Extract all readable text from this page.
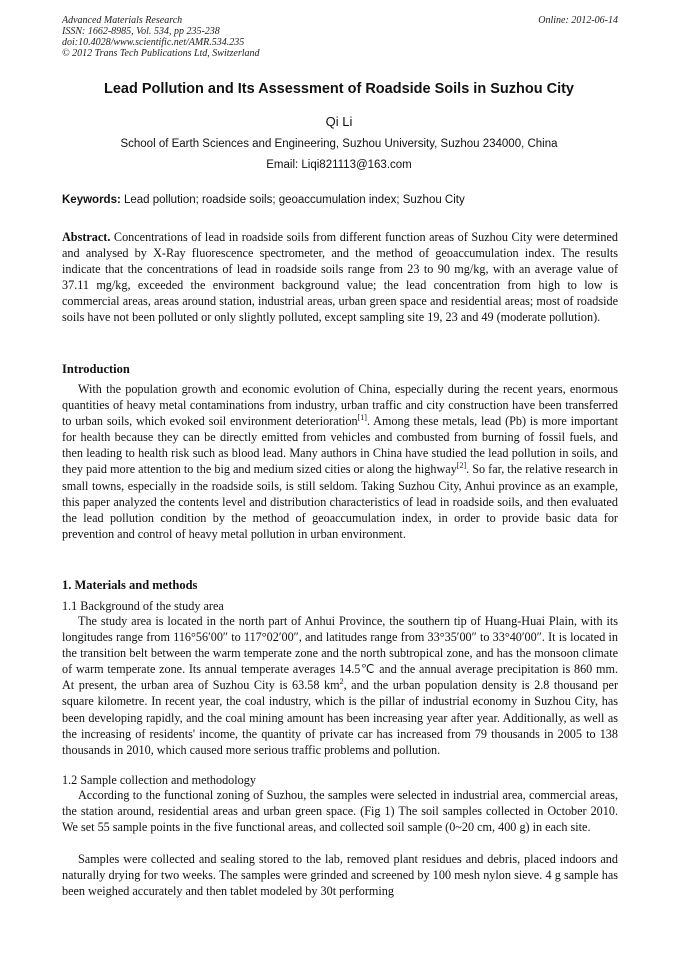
Advanced Materials Research
ISSN: 1662-8985, Vol. 534, pp 235-238
doi:10.4028/www.scientific.net/AMR.534.235
© 2012 Trans Tech Publications Ltd, Switzerland
Online: 2012-06-14
Lead Pollution and Its Assessment of Roadside Soils in Suzhou City
Qi Li
School of Earth Sciences and Engineering, Suzhou University, Suzhou 234000, China
Email: Liqi821113@163.com
Keywords: Lead pollution; roadside soils; geoaccumulation index; Suzhou City
Abstract. Concentrations of lead in roadside soils from different function areas of Suzhou City were determined and analysed by X-Ray fluorescence spectrometer, and the method of geoaccumulation index. The results indicate that the concentrations of lead in roadside soils range from 23 to 90 mg/kg, with an average value of 37.11 mg/kg, exceeded the environment background value; the lead concentration from high to low is commercial areas, areas around station, industrial areas, urban green space and residential areas; most of roadside soils have not been polluted or only slightly polluted, except sampling site 19, 23 and 49 (moderate pollution).
Introduction
With the population growth and economic evolution of China, especially during the recent years, enormous quantities of heavy metal contaminations from industry, urban traffic and city construction have been transferred to urban soils, which evoked soil environment deterioration[1]. Among these metals, lead (Pb) is more important for health because they can be directly emitted from vehicles and combusted from burning of fossil fuels, and then leading to health risk such as blood lead. Many authors in China have studied the lead pollution in soils, and they paid more attention to the big and medium sized cities or along the highway[2]. So far, the relative research in small towns, especially in the roadside soils, is still seldom. Taking Suzhou City, Anhui province as an example, this paper analyzed the contents level and distribution characteristics of lead in roadside soils, and then evaluated the lead pollution condition by the method of geoaccumulation index, in order to provide basic data for prevention and control of heavy metal pollution in urban environment.
1. Materials and methods
1.1 Background of the study area
The study area is located in the north part of Anhui Province, the southern tip of Huang-Huai Plain, with its longitudes range from 116°56′00″ to 117°02′00″, and latitudes range from 33°35′00″ to 33°40′00″. It is located in the transition belt between the warm temperate zone and the north subtropical zone, and has the monsoon climate of warm temperate zone. Its annual temperate averages 14.5℃ and the annual average precipitation is 860 mm. At present, the urban area of Suzhou City is 63.58 $km^2$, and the urban population density is 2.8 thousand per square kilometre. In recent year, the coal industry, which is the pillar of industrial economy in Suzhou City, has been developing rapidly, and the coal mining amount has been increasing year after year. Additionally, as well as the increasing of residents' income, the quantity of private car has increased from 79 thousands in 2005 to 138 thousands in 2010, which caused more serious traffic problems and pollution.
1.2 Sample collection and methodology
According to the functional zoning of Suzhou, the samples were selected in industrial area, commercial areas, the station around, residential areas and urban green space. (Fig 1) The soil samples collected in October 2010. We set 55 sample points in the five functional areas, and collected soil sample (0~20 cm, 400 g) in each site.
Samples were collected and sealing stored to the lab, removed plant residues and debris, placed indoors and naturally drying for two weeks. The samples were grinded and screened by 100 mesh nylon sieve. 4 g sample has been weighed accurately and then tablet modeled by 30t performing
